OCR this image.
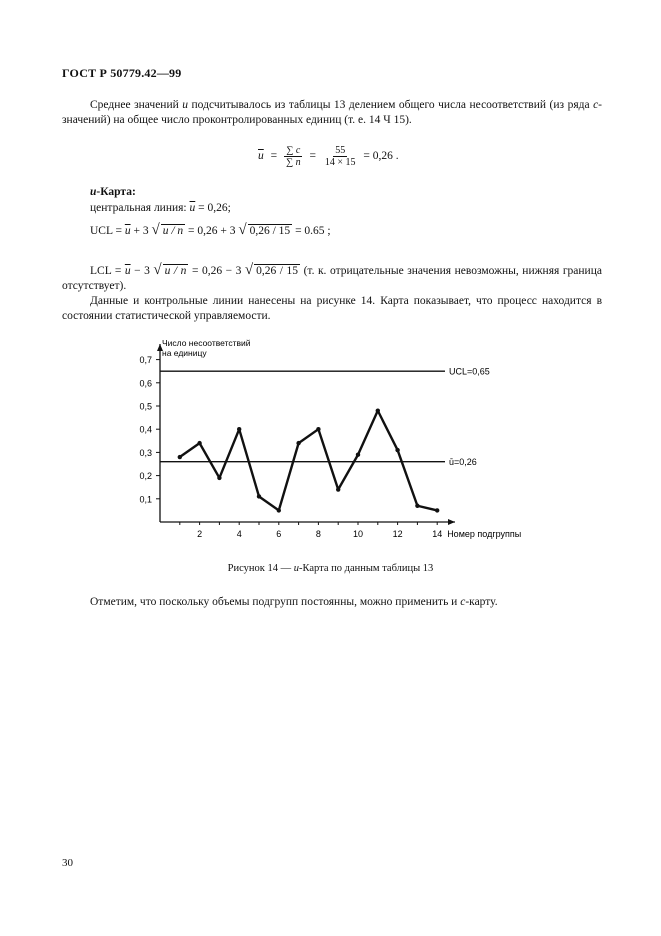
ГОСТ Р 50779.42—99
Среднее значений u подсчитывалось из таблицы 13 делением общего числа несоответствий (из ряда c-значений) на общее число проконтролированных единиц (т. е. 14 Ч 15).
$\overline{u} = \frac{\sum c}{\sum n} = \frac{55}{14 \times 15} = 0,26$ .
u-Карта:
центральная линия: $\overline{u} = 0,26$;
UCL = $\overline{u} + 3$ √ u / n = 0,26 + 3 √ 0,26 / 15 = 0.65 ;
LCL = $\overline{u} - 3$ √ u / n = 0,26 − 3 √ 0,26 / 15 (т. к. отрицательные значения невозможны, нижняя граница отсутствует).
Данные и контрольные линии нанесены на рисунке 14. Карта показывает, что процесс находится в состоянии статистической управляемости.
0,1
0,2
0,3
0,4
0,5
0,6
0,7
2	4	6	8	10	12	14
UCL=0,65
ū=0,26
Число несоответствий
на единицу
Номер подгруппы
Рисунок 14 — u-Карта по данным таблицы 13
Отметим, что поскольку объемы подгрупп постоянны, можно применить и c-карту.
30
